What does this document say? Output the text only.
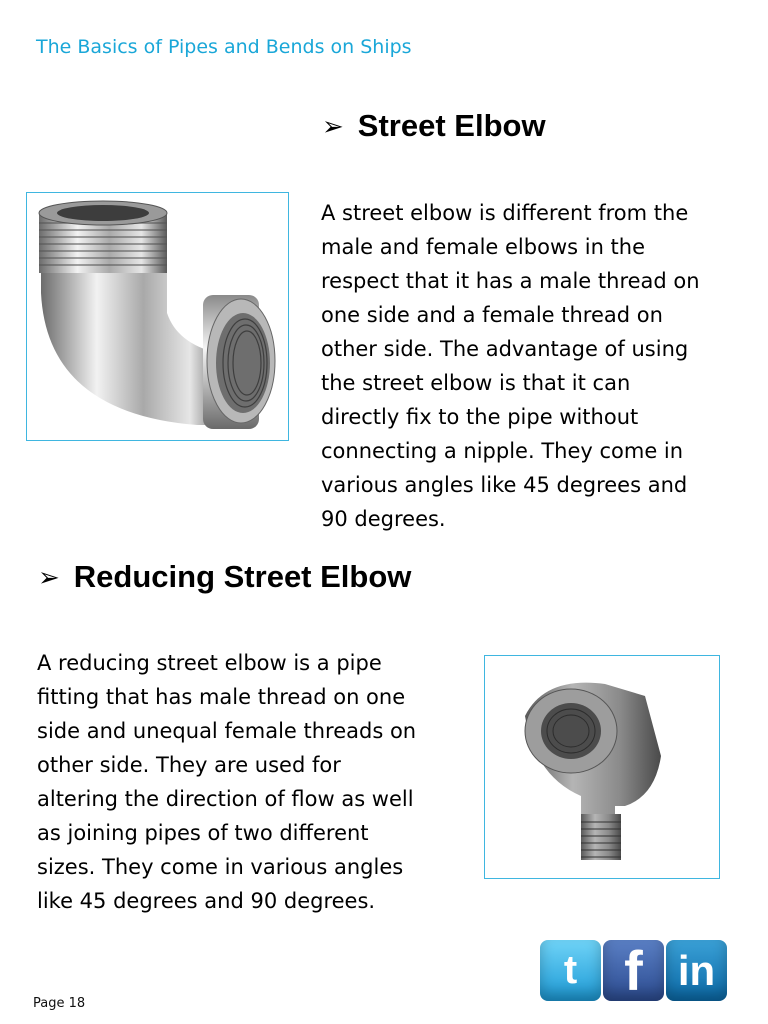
The Basics of Pipes and Bends on Ships
➢ Street Elbow
A street elbow is different from the
male and female elbows in the
respect that it has a male thread on
one side and a female thread on
other side. The advantage of using
the street elbow is that it can
directly fix to the pipe without
connecting a nipple. They come in
various angles like 45 degrees and
90 degrees.
➢ Reducing Street Elbow
A reducing street elbow is a pipe
fitting that has male thread on one
side and unequal female threads on
other side. They are used for
altering the direction of flow as well
as joining pipes of two different
sizes. They come in various angles
like 45 degrees and 90 degrees.
t f in
Page 18
